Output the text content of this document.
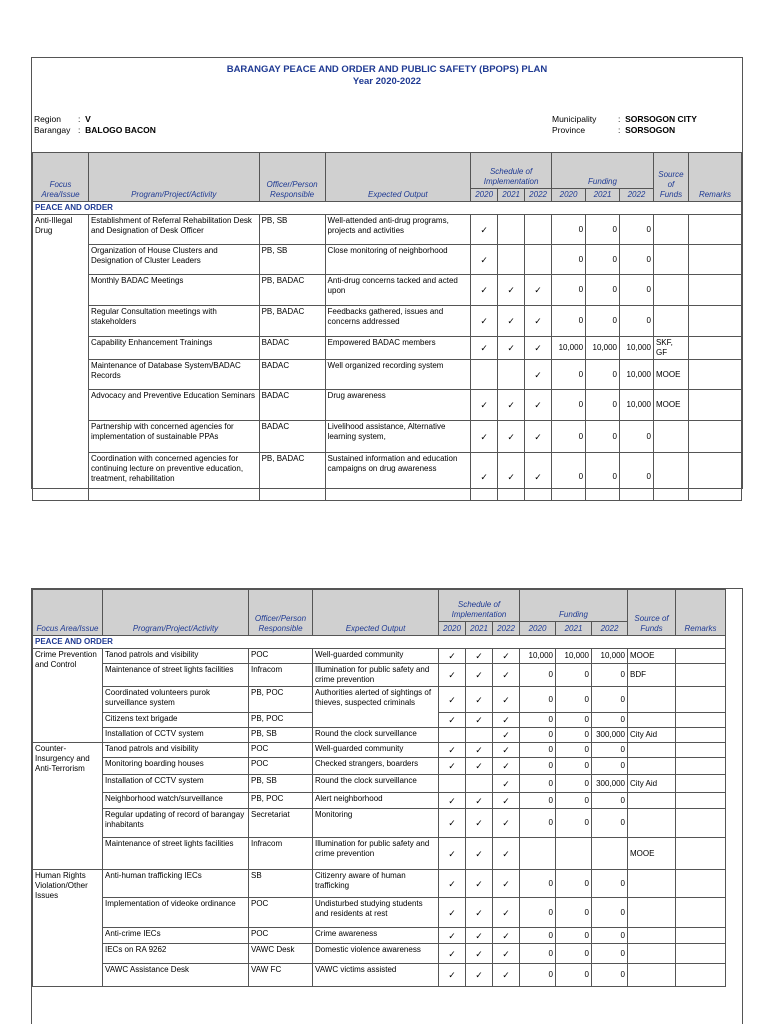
BARANGAY PEACE AND ORDER AND PUBLIC SAFETY (BPOPS) PLAN
Year 2020-2022
Region :  V
Barangay :  BALOGO BACON
Municipality	:  SORSOGON CITY
Province	:  SORSOGON
Focus Area/Issue	Program/Project/Activity	Officer/Person Responsible	Expected Output	Schedule of Implementation			Funding			Source of Funds	Remarks
				2020	2021	2022	2020	2021	2022		
PEACE AND ORDER											
Anti-Illegal Drug	Establishment of Referral Rehabilitation Desk and Designation of Desk Officer	PB, SB	Well-attended anti-drug programs, projects and activities	✓			0	0	0		
	Organization of House Clusters and Designation of Cluster Leaders	PB, SB	Close monitoring of neighborhood	✓			0	0	0		
	Monthly BADAC Meetings	PB, BADAC	Anti-drug concerns tacked and acted upon	✓	✓	✓	0	0	0		
	Regular Consultation meetings with stakeholders	PB, BADAC	Feedbacks gathered, issues and concerns addressed	✓	✓	✓	0	0	0		
	Capability Enhancement Trainings	BADAC	Empowered BADAC members	✓	✓	✓	10,000	10,000	10,000	SKF, GF	
	Maintenance of Database System/BADAC Records	BADAC	Well organized recording system			✓	0	0	10,000	MOOE	
	Advocacy and Preventive Education Seminars	BADAC	Drug awareness	✓	✓	✓	0	0	10,000	MOOE	
	Partnership with concerned agencies for implementation of sustainable PPAs	BADAC	Livelihood assistance, Alternative learning system,	✓	✓	✓	0	0	0		
	Coordination with concerned agencies for continuing lecture on preventive education, treatment, rehabilitation	PB, BADAC	Sustained information and education campaigns on drug awareness	✓	✓	✓	0	0	0		
Focus Area/Issue	Program/Project/Activity	Officer/Person Responsible	Expected Output	Schedule of Implementation			Funding			Source of Funds	Remarks
				2020	2021	2022	2020	2021	2022		
PEACE AND ORDER											
Crime Prevention and Control	Tanod patrols and visibility	POC	Well-guarded community	✓	✓	✓	10,000	10,000	10,000	MOOE	
	Maintenance of street lights facilities	Infracom	Illumination for public safety and crime prevention	✓	✓	✓	0	0	0	BDF	
	Coordinated volunteers purok surveillance system	PB, POC	Authorities alerted of sightings of thieves, suspected criminals	✓	✓	✓	0	0	0		
	Citizens text brigade	PB, POC		✓	✓	✓	0	0	0		
	Installation of CCTV system	PB, SB	Round the clock surveillance			✓	0	0	300,000	City Aid	
Counter-Insurgency and Anti-Terrorism	Tanod patrols and visibility	POC	Well-guarded community	✓	✓	✓	0	0	0		
	Monitoring boarding houses	POC	Checked strangers, boarders	✓	✓	✓	0	0	0		
	Installation of CCTV system	PB, SB	Round the clock surveillance			✓	0	0	300,000	City Aid	
	Neighborhood watch/surveillance	PB, POC	Alert neighborhood	✓	✓	✓	0	0	0		
	Regular updating of record of barangay inhabitants	Secretariat	Monitoring	✓	✓	✓	0	0	0		
	Maintenance of street lights facilities	Infracom	Illumination for public safety and crime prevention	✓	✓	✓				MOOE	
Human Rights Violation/Other Issues	Anti-human trafficking IECs	SB	Citizenry aware of human trafficking	✓	✓	✓	0	0	0		
	Implementation of videoke ordinance	POC	Undisturbed studying students and residents at rest	✓	✓	✓	0	0	0		
	Anti-crime IECs	POC	Crime awareness	✓	✓	✓	0	0	0		
	IECs on RA 9262	VAWC Desk	Domestic violence awareness	✓	✓	✓	0	0	0		
	VAWC Assistance Desk	VAW FC	VAWC victims assisted	✓	✓	✓	0	0	0		
